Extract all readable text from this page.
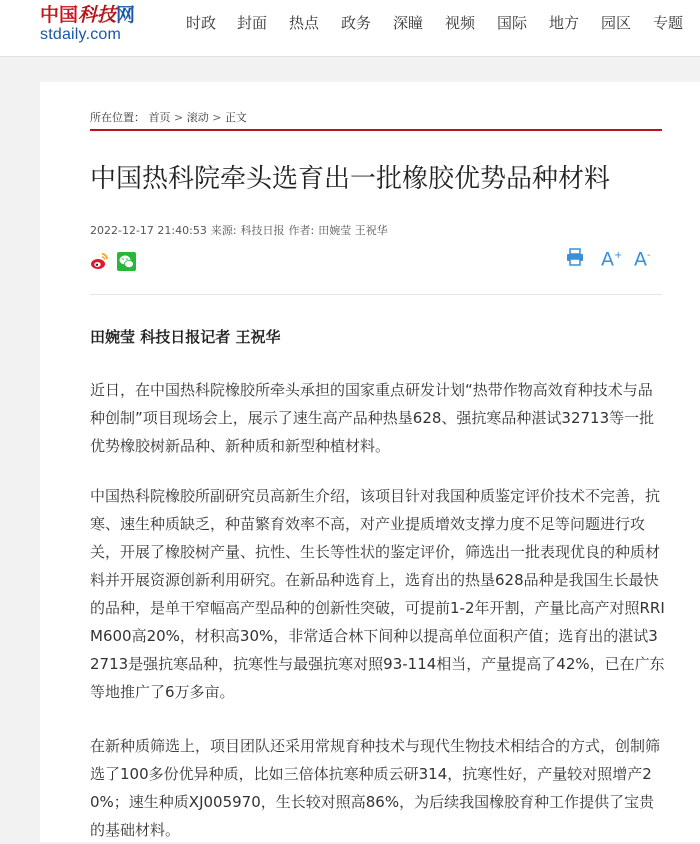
中国科技网
stdaily.com
时政 封面 热点 政务 深瞳 视频 国际 地方 园区 专题
所在位置： 首页 > 滚动 > 正文
中国热科院牵头选育出一批橡胶优势品种材料
2022-12-17 21:40:53 来源: 科技日报 作者: 田婉莹 王祝华
A+ A-

田婉莹 科技日报记者 王祝华

近日，在中国热科院橡胶所牵头承担的国家重点研发计划“热带作物高效育种技术与品种创制”项目现场会上，展示了速生高产品种热垦628、强抗寒品种湛试32713等一批优势橡胶树新品种、新种质和新型种植材料。

中国热科院橡胶所副研究员高新生介绍，该项目针对我国种质鉴定评价技术不完善，抗寒、速生种质缺乏，种苗繁育效率不高，对产业提质增效支撑力度不足等问题进行攻关，开展了橡胶树产量、抗性、生长等性状的鉴定评价，筛选出一批表现优良的种质材料并开展资源创新利用研究。在新品种选育上，选育出的热垦628品种是我国生长最快的品种，是单干窄幅高产型品种的创新性突破，可提前1-2年开割，产量比高产对照RRIM600高20%，材积高30%，非常适合林下间种以提高单位面积产值；选育出的湛试32713是强抗寒品种，抗寒性与最强抗寒对照93-114相当，产量提高了42%，已在广东等地推广了6万多亩。

在新种质筛选上，项目团队还采用常规育种技术与现代生物技术相结合的方式，创制筛选了100多份优异种质，比如三倍体抗寒种质云研314，抗寒性好，产量较对照增产20%；速生种质XJ005970，生长较对照高86%，为后续我国橡胶育种工作提供了宝贵的基础材料。
